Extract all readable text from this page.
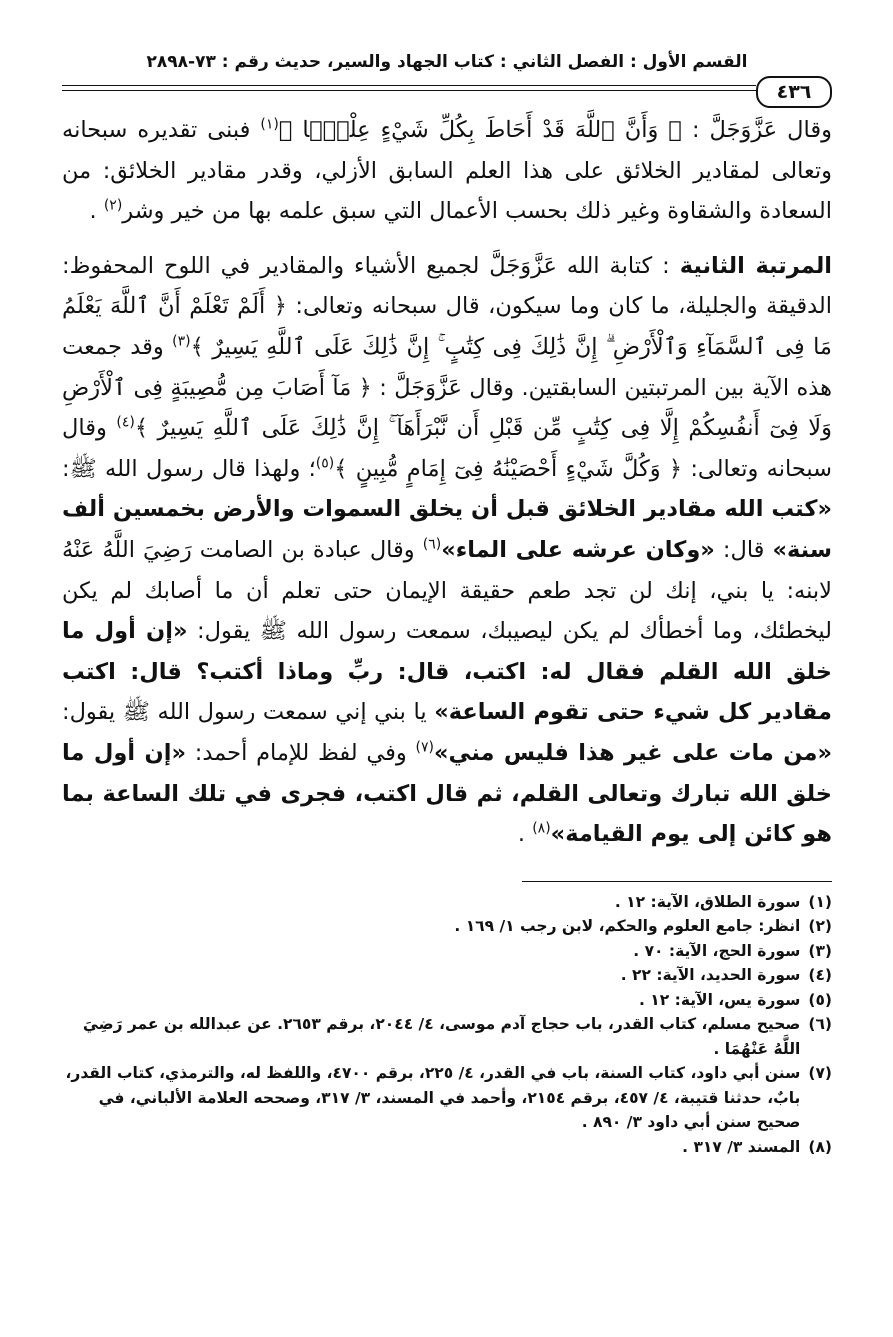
القسم الأول : الفصل الثاني : كتاب الجهاد والسير، حديث رقم : ٧٣-٢٨٩٨
٤٣٦

وقال عَزَّوَجَلَّ : ﴿ وَأَنَّ ٱللَّهَ قَدْ أَحَاطَ بِكُلِّ شَيْءٍ عِلْمَۢا ﴾$^{(١)}$ فبنى تقديره سبحانه وتعالى لمقادير الخلائق على هذا العلم السابق الأزلي، وقدر مقادير الخلائق: من السعادة والشقاوة وغير ذلك بحسب الأعمال التي سبق علمه بها من خير وشر$^{(٢)}$ .

المرتبة الثانية : كتابة الله عَزَّوَجَلَّ لجميع الأشياء والمقادير في اللوح المحفوظ: الدقيقة والجليلة، ما كان وما سيكون، قال سبحانه وتعالى: ﴿ أَلَمْ تَعْلَمْ أَنَّ ٱللَّهَ يَعْلَمُ مَا فِى ٱلسَّمَآءِ وَٱلْأَرْضِ ۗ إِنَّ ذَٰلِكَ فِى كِتَٰبٍ ۚ إِنَّ ذَٰلِكَ عَلَى ٱللَّهِ يَسِيرٌ ﴾$^{(٣)}$ وقد جمعت هذه الآية بين المرتبتين السابقتين. وقال عَزَّوَجَلَّ : ﴿ مَآ أَصَابَ مِن مُّصِيبَةٍ فِى ٱلْأَرْضِ وَلَا فِىٓ أَنفُسِكُمْ إِلَّا فِى كِتَٰبٍ مِّن قَبْلِ أَن نَّبْرَأَهَآ ۚ إِنَّ ذَٰلِكَ عَلَى ٱللَّهِ يَسِيرٌ ﴾$^{(٤)}$ وقال سبحانه وتعالى: ﴿ وَكُلَّ شَيْءٍ أَحْصَيْنَٰهُ فِىٓ إِمَامٍ مُّبِينٍ ﴾$^{(٥)}$؛ ولهذا قال رسول الله ﷺ: «كتب الله مقادير الخلائق قبل أن يخلق السموات والأرض بخمسين ألف سنة» قال: «وكان عرشه على الماء»$^{(٦)}$ وقال عبادة بن الصامت رَضِيَ اللَّهُ عَنْهُ لابنه: يا بني، إنك لن تجد طعم حقيقة الإيمان حتى تعلم أن ما أصابك لم يكن ليخطئك، وما أخطأك لم يكن ليصيبك، سمعت رسول الله ﷺ يقول: «إن أول ما خلق الله القلم فقال له: اكتب، قال: ربِّ وماذا أكتب؟ قال: اكتب مقادير كل شيء حتى تقوم الساعة» يا بني إني سمعت رسول الله ﷺ يقول: «من مات على غير هذا فليس مني»$^{(٧)}$ وفي لفظ للإمام أحمد: «إن أول ما خلق الله تبارك وتعالى القلم، ثم قال اكتب، فجرى في تلك الساعة بما هو كائن إلى يوم القيامة»$^{(٨)}$ .

(١)
سورة الطلاق، الآية: ١٢ .
(٢)
انظر: جامع العلوم والحكم، لابن رجب ١/ ١٦٩ .
(٣)
سورة الحج، الآية: ٧٠ .
(٤)
سورة الحديد، الآية: ٢٢ .
(٥)
سورة يس، الآية: ١٢ .
(٦)
صحيح مسلم، كتاب القدر، باب حجاج آدم موسى، ٤/ ٢٠٤٤، برقم ٢٦٥٣. عن عبدالله بن عمر رَضِيَ اللَّهُ عَنْهُمَا .
(٧)
سنن أبي داود، كتاب السنة، باب في القدر، ٤/ ٢٢٥، برقم ٤٧٠٠، واللفظ له، والترمذي، كتاب القدر، بابٌ، حدثنا قتيبة، ٤/ ٤٥٧، برقم ٢١٥٤، وأحمد في المسند، ٣/ ٣١٧، وصححه العلامة الألباني، في صحيح سنن أبي داود ٣/ ٨٩٠ .
(٨)
المسند ٣/ ٣١٧ .
